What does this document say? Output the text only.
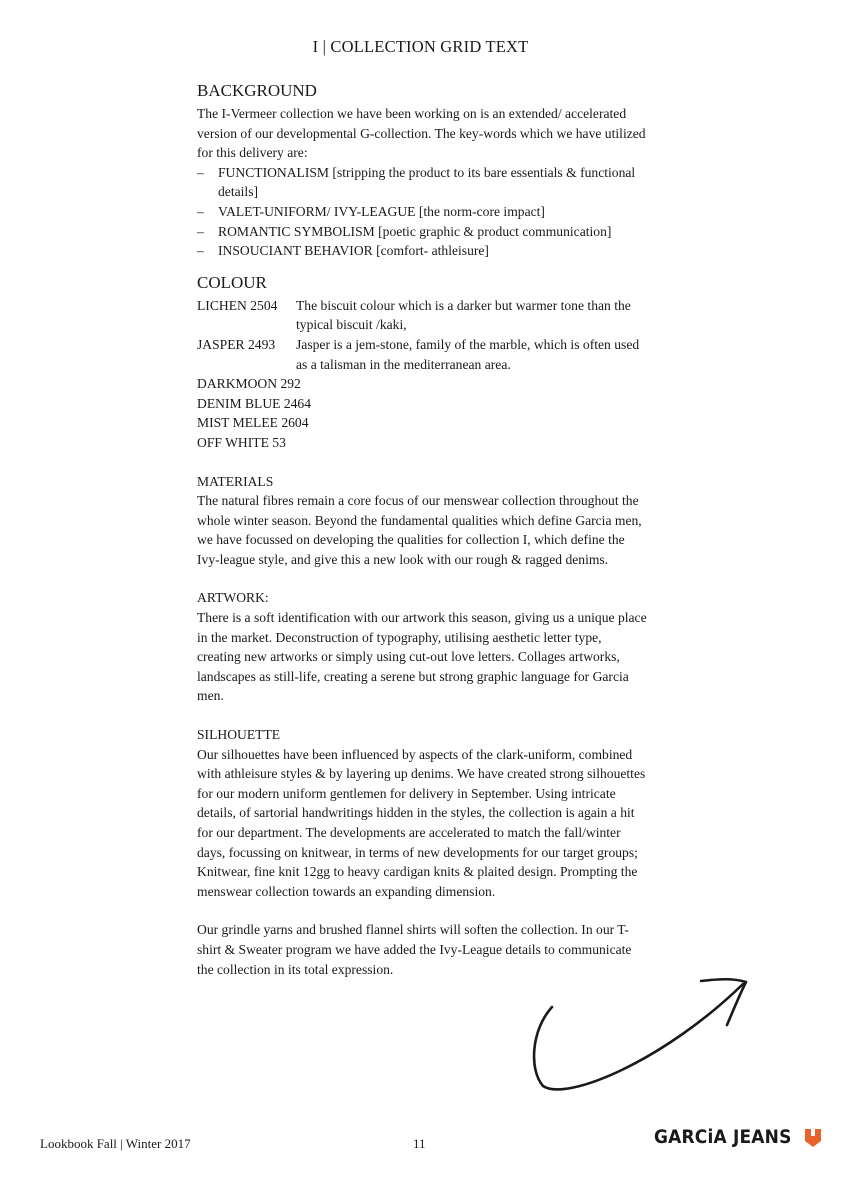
I | COLLECTION GRID TEXT
BACKGROUND

The I-Vermeer collection we have been working on is an extended/ accelerated version of our developmental G-collection. The key-words which we have utilized for this delivery are:

– FUNCTIONALISM [stripping the product to its bare essentials & functional details]
– VALET-UNIFORM/ IVY-LEAGUE [the norm-core impact]
– ROMANTIC SYMBOLISM [poetic graphic & product communication]
– INSOUCIANT BEHAVIOR [comfort- athleisure]
COLOUR
LICHEN 2504	The biscuit colour which is a darker but warmer tone than the typical biscuit /kaki,
JASPER 2493	Jasper is a jem-stone, family of the marble, which is often used as a talisman in the mediterranean area.
DARKMOON 292
DENIM BLUE 2464
MIST MELEE 2604
OFF WHITE 53
MATERIALS

The natural fibres remain a core focus of our menswear collection throughout the whole winter season. Beyond the fundamental qualities which define Garcia men, we have focussed on developing the qualities for collection I, which define the Ivy-league style, and give this a new look with our rough & ragged denims.

ARTWORK:

There is a soft identification with our artwork this season, giving us a unique place in the market. Deconstruction of typography, utilising aesthetic letter type, creating new artworks or simply using cut-out love letters. Collages artworks, landscapes as still-life, creating a serene but strong graphic language for Garcia men.

SILHOUETTE

Our silhouettes have been influenced by aspects of the clark-uniform, combined with athleisure styles & by layering up denims. We have created strong silhouettes for our modern uniform gentlemen for delivery in September. Using intricate details, of sartorial handwritings hidden in the styles, the collection is again a hit for our department. The developments are accelerated to match the fall/winter days, focussing on knitwear, in terms of new developments for our target groups; Knitwear, fine knit 12gg to heavy cardigan knits & plaited design. Prompting the menswear collection towards an expanding dimension.

Our grindle yarns and brushed flannel shirts will soften the collection. In our T-shirt & Sweater program we have added the Ivy-League details to communicate the collection in its total expression.

Lookbook Fall | Winter 2017	11	GARCiA JEANS
